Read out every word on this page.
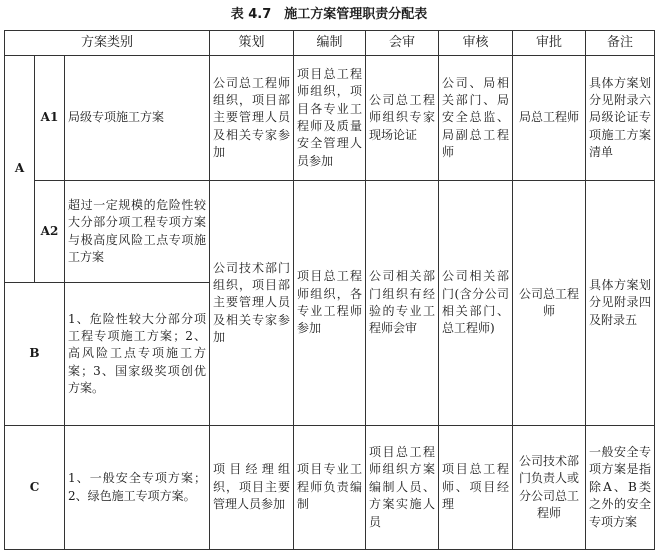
表 4.7　施工方案管理职责分配表
方案类别			策划	编制	会审	审核	审批	备注
A	A1	局级专项施工方案	公司总工程师组织，项目部主要管理人员及相关专家参加	项目总工程师组织，项目各专业工程师及质量安全管理人员参加	公司总工程师组织专家现场论证	公司、局相关部门、局安全总监、局副总工程师	局总工程师	具体方案划分见附录六局级论证专项施工方案清单
	A2	超过一定规模的危险性较大分部分项工程专项方案与极高度风险工点专项施工方案	公司技术部门组织，项目部主要管理人员及相关专家参加	项目总工程师组织，各专业工程师参加	公司相关部门组织有经验的专业工程师会审	公司相关部门(含分公司相关部门、总工程师)	公司总工程师	具体方案划分见附录四及附录五
B		1、危险性较大分部分项工程专项施工方案；2、高风险工点专项施工方案；3、国家级奖项创优方案。						
C		1、一般安全专项方案；2、绿色施工专项方案。	项目经理组织，项目主要管理人员参加	项目专业工程师负责编制	项目总工程师组织方案编制人员、方案实施人员	项目总工程师、项目经理	公司技术部门负责人或分公司总工程师	一般安全专项方案是指除A、B类之外的安全专项方案
